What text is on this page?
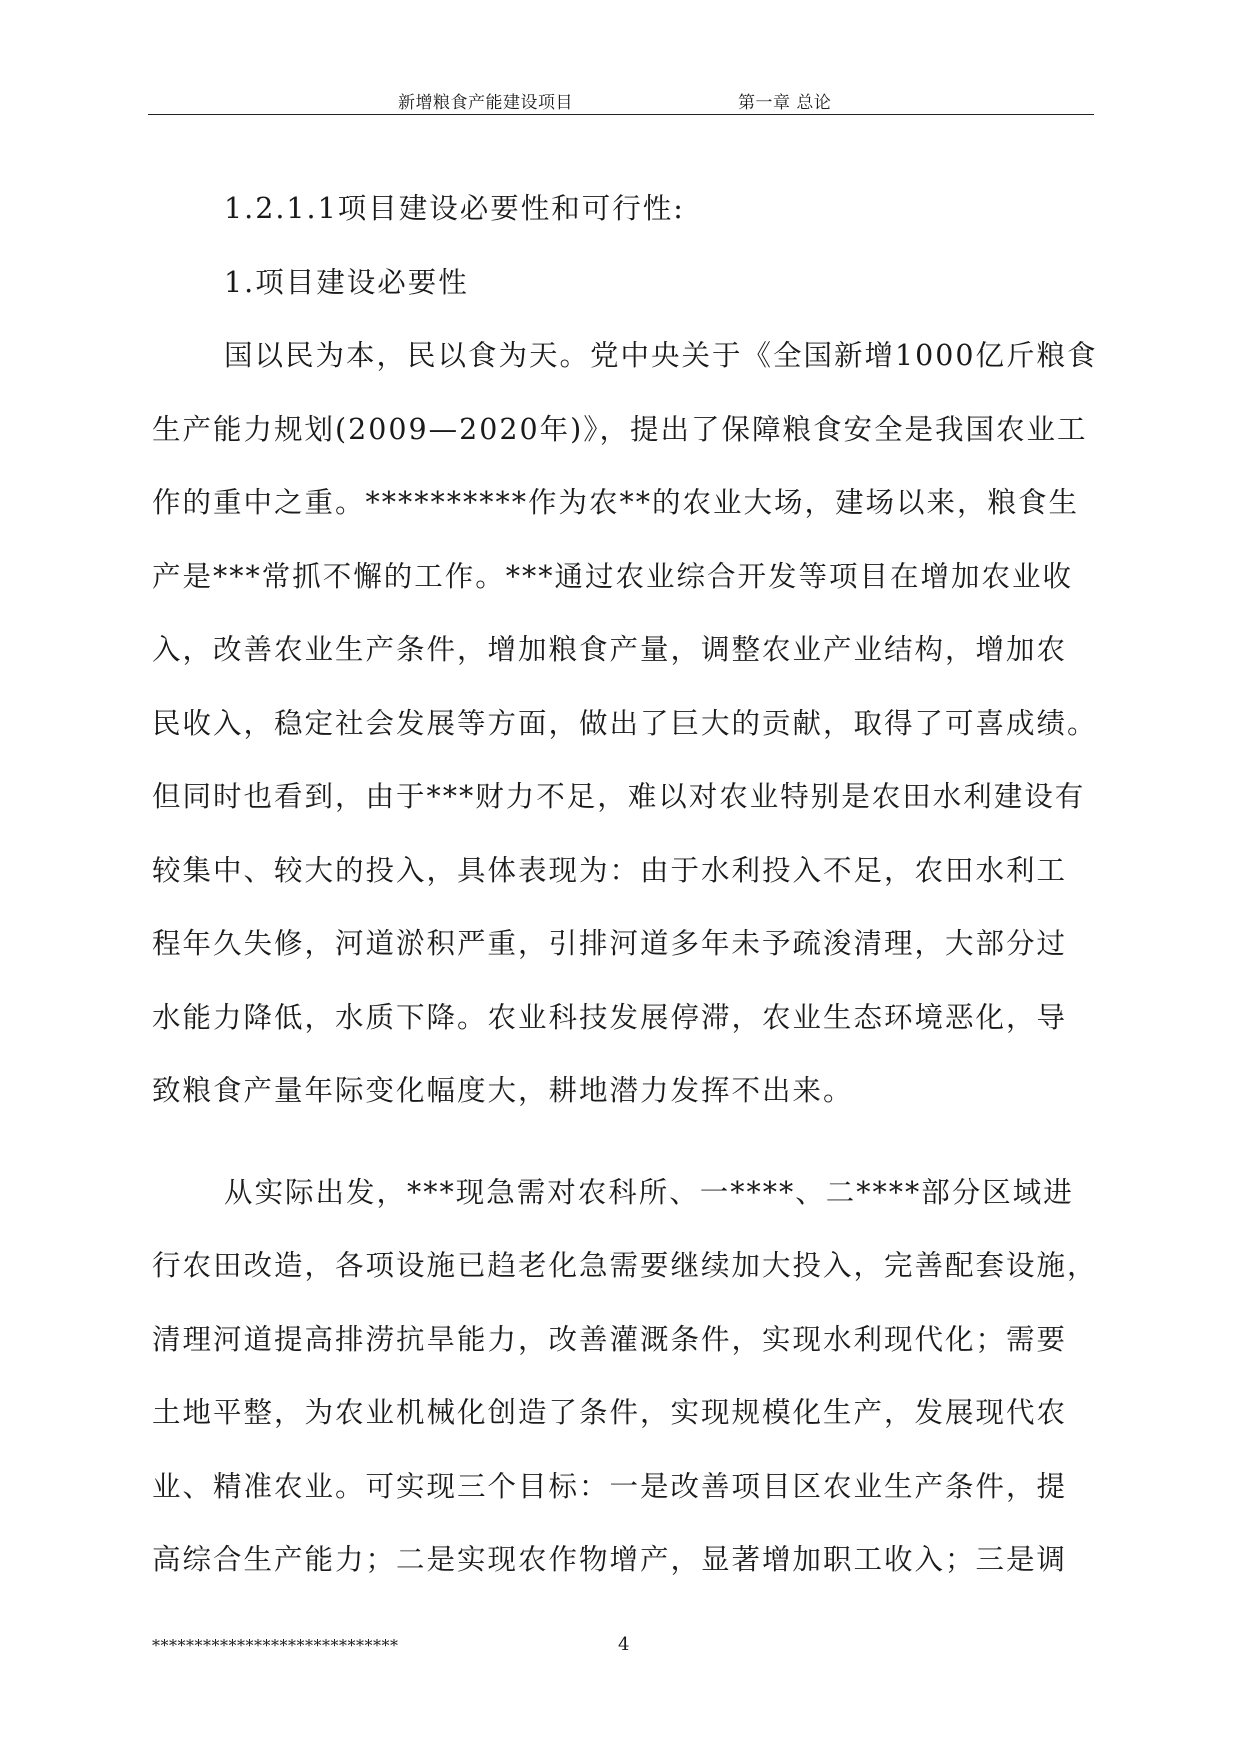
新增粮食产能建设项目	第一章 总论
1.2.1.1项目建设必要性和可行性:
1.项目建设必要性
国以民为本，民以食为天。党中央关于《全国新增1000亿斤粮食
生产能力规划(2009—2020年)》，提出了保障粮食安全是我国农业工
作的重中之重。**********作为农**的农业大场，建场以来，粮食生
产是***常抓不懈的工作。***通过农业综合开发等项目在增加农业收
入，改善农业生产条件，增加粮食产量，调整农业产业结构，增加农
民收入，稳定社会发展等方面，做出了巨大的贡献，取得了可喜成绩。
但同时也看到，由于***财力不足，难以对农业特别是农田水利建设有
较集中、较大的投入，具体表现为：由于水利投入不足，农田水利工
程年久失修，河道淤积严重，引排河道多年未予疏浚清理，大部分过
水能力降低，水质下降。农业科技发展停滞，农业生态环境恶化，导
致粮食产量年际变化幅度大，耕地潜力发挥不出来。
从实际出发，***现急需对农科所、一****、二****部分区域进
行农田改造，各项设施已趋老化急需要继续加大投入，完善配套设施，
清理河道提高排涝抗旱能力，改善灌溉条件，实现水利现代化；需要
土地平整，为农业机械化创造了条件，实现规模化生产，发展现代农
业、精准农业。可实现三个目标：一是改善项目区农业生产条件，提
高综合生产能力；二是实现农作物增产，显著增加职工收入；三是调
*****************************	4
